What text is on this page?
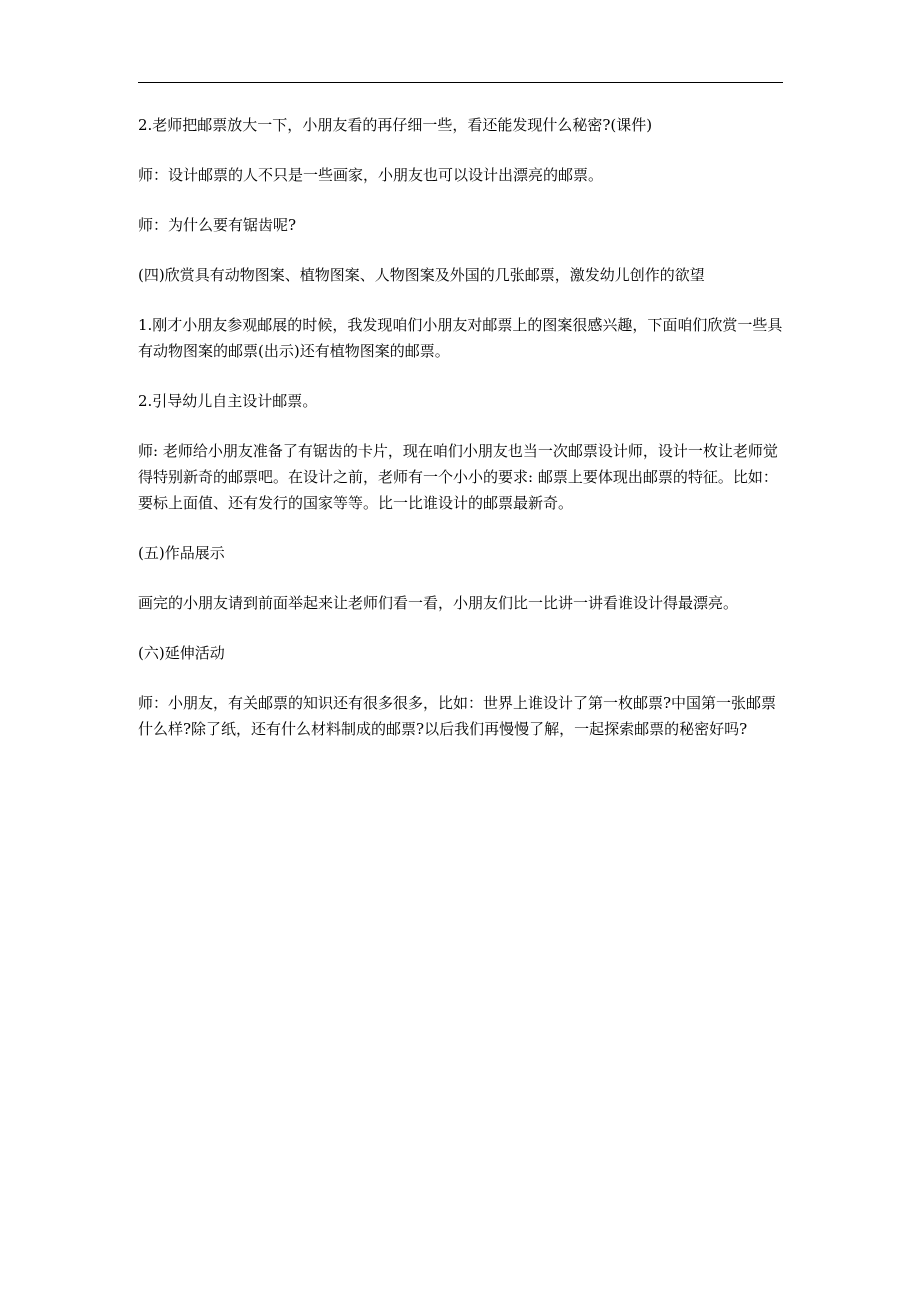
2.老师把邮票放大一下，小朋友看的再仔细一些，看还能发现什么秘密?(课件)

师：设计邮票的人不只是一些画家，小朋友也可以设计出漂亮的邮票。

师：为什么要有锯齿呢?

(四)欣赏具有动物图案、植物图案、人物图案及外国的几张邮票，激发幼儿创作的欲望

1.刚才小朋友参观邮展的时候，我发现咱们小朋友对邮票上的图案很感兴趣，下面咱们欣赏一些具有动物图案的邮票(出示)还有植物图案的邮票。

2.引导幼儿自主设计邮票。

师: 老师给小朋友准备了有锯齿的卡片，现在咱们小朋友也当一次邮票设计师，设计一枚让老师觉得特别新奇的邮票吧。在设计之前，老师有一个小小的要求: 邮票上要体现出邮票的特征。比如：要标上面值、还有发行的国家等等。比一比谁设计的邮票最新奇。

(五)作品展示

画完的小朋友请到前面举起来让老师们看一看，小朋友们比一比讲一讲看谁设计得最漂亮。

(六)延伸活动

师：小朋友，有关邮票的知识还有很多很多，比如：世界上谁设计了第一枚邮票?中国第一张邮票什么样?除了纸，还有什么材料制成的邮票?以后我们再慢慢了解，一起探索邮票的秘密好吗?
